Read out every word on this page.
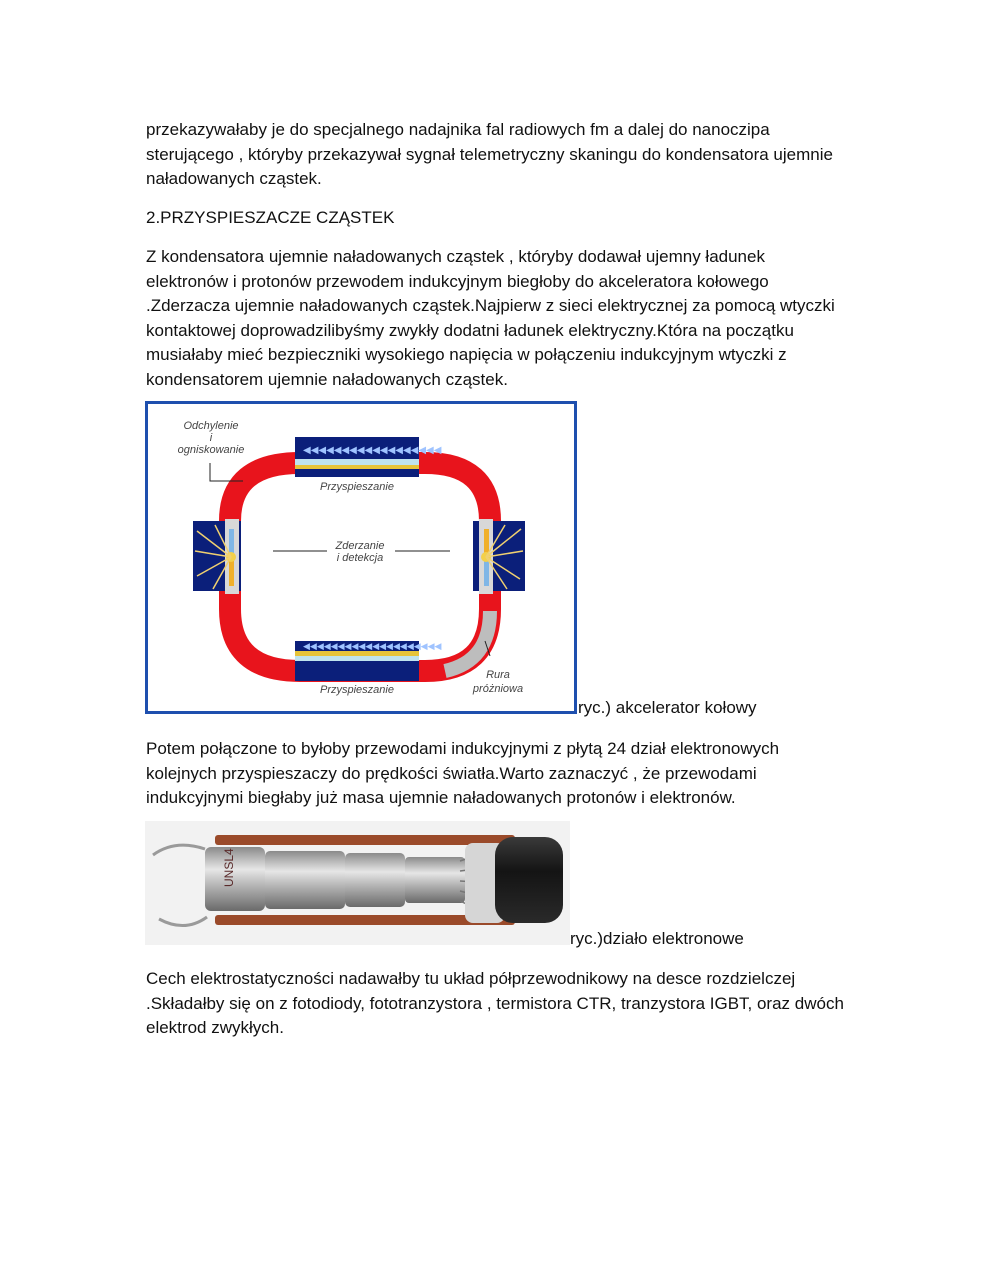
przekazywałaby je do specjalnego nadajnika fal radiowych fm a dalej do nanoczipa sterującego , któryby przekazywał sygnał telemetryczny skaningu do kondensatora ujemnie naładowanych cząstek.

2.PRZYSPIESZACZE CZĄSTEK

Z kondensatora ujemnie naładowanych cząstek , któryby dodawał ujemny ładunek elektronów i protonów przewodem indukcyjnym biegłoby do akceleratora kołowego .Zderzacza ujemnie naładowanych cząstek.Najpierw z sieci elektrycznej za pomocą wtyczki kontaktowej doprowadzilibyśmy zwykły dodatni ładunek elektryczny.Która na początku musiałaby mieć bezpieczniki wysokiego napięcia w połączeniu indukcyjnym wtyczki z kondensatorem ujemnie naładowanych cząstek.

◀◀◀◀◀◀◀◀◀◀◀◀◀◀◀◀◀◀
◀◀◀◀◀◀◀◀◀◀◀◀◀◀◀◀◀◀◀◀
Odchylenie
i
ogniskowanie
Przyspieszanie
Zderzanie
i detekcja
Przyspieszanie
Rura
próżniowa
ryc.) akcelerator kołowy

Potem połączone to byłoby przewodami indukcyjnymi z płytą 24 dział elektronowych kolejnych przyspieszaczy do prędkości światła.Warto zaznaczyć , że przewodami indukcyjnymi biegłaby już masa ujemnie naładowanych protonów i elektronów.

UNSL4
ryc.)działo elektronowe

Cech elektrostatyczności nadawałby tu układ półprzewodnikowy na desce rozdzielczej .Składałby się on z fotodiody, fototranzystora , termistora CTR, tranzystora IGBT, oraz dwóch elektrod zwykłych.
